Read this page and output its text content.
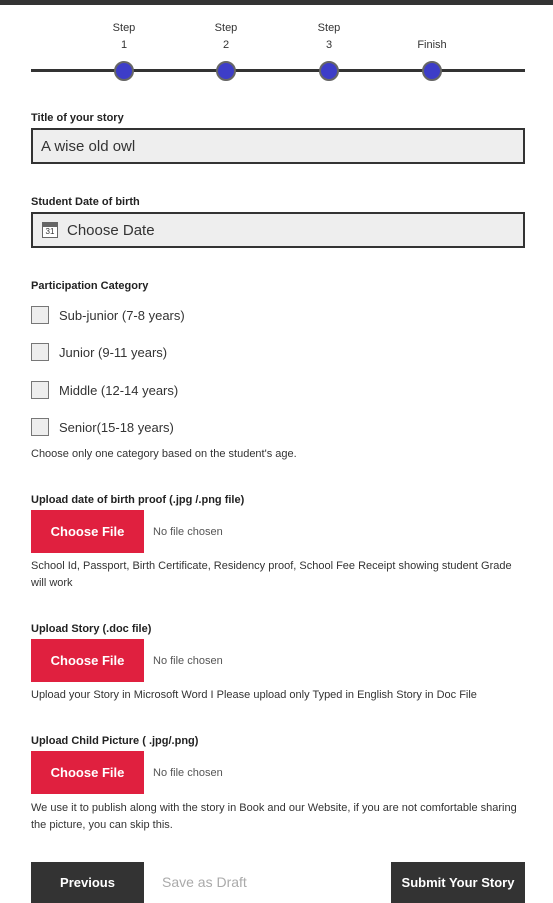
Step
1
Step
2
Step
3	Finish
Title of your story
A wise old owl
Student Date of birth
31 Choose Date
Participation Category
Sub-junior (7-8 years)
Junior (9-11 years)
Middle (12-14 years)
Senior(15-18 years)
Choose only one category based on the student's age.
Upload date of birth proof (.jpg /.png file)
Choose File	No file chosen
School Id, Passport, Birth Certificate, Residency proof, School Fee Receipt showing student Grade will work
Upload Story (.doc file)
Choose File	No file chosen
Upload your Story in Microsoft Word I Please upload only Typed in English Story in Doc File
Upload Child Picture ( .jpg/.png)
Choose File	No file chosen
We use it to publish along with the story in Book and our Website, if you are not comfortable sharing the picture, you can skip this.
Previous	Save as Draft	Submit Your Story
